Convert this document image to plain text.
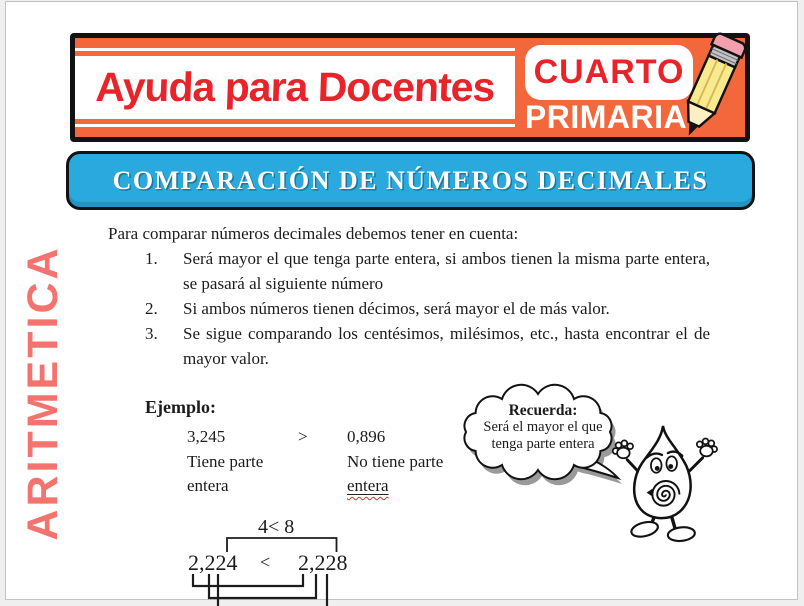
Ayuda para Docentes	CUARTO
PRIMARIA
COMPARACIÓN DE NÚMEROS DECIMALES
ARITMETICA
Para comparar números decimales debemos tener en cuenta:
1. Será mayor el que tenga parte entera, si ambos tienen la misma parte entera, se pasará al siguiente número
2. Si ambos números tienen décimos, será mayor el de más valor.
3. Se sigue comparando los centésimos, milésimos, etc., hasta encontrar el de mayor valor.
Ejemplo:
3,245	> 0,896
Tiene parte	No tiene parte
entera	entera
Recuerda:
Será el mayor el que
tenga parte entera
4< 8
2,224 < 2,228
